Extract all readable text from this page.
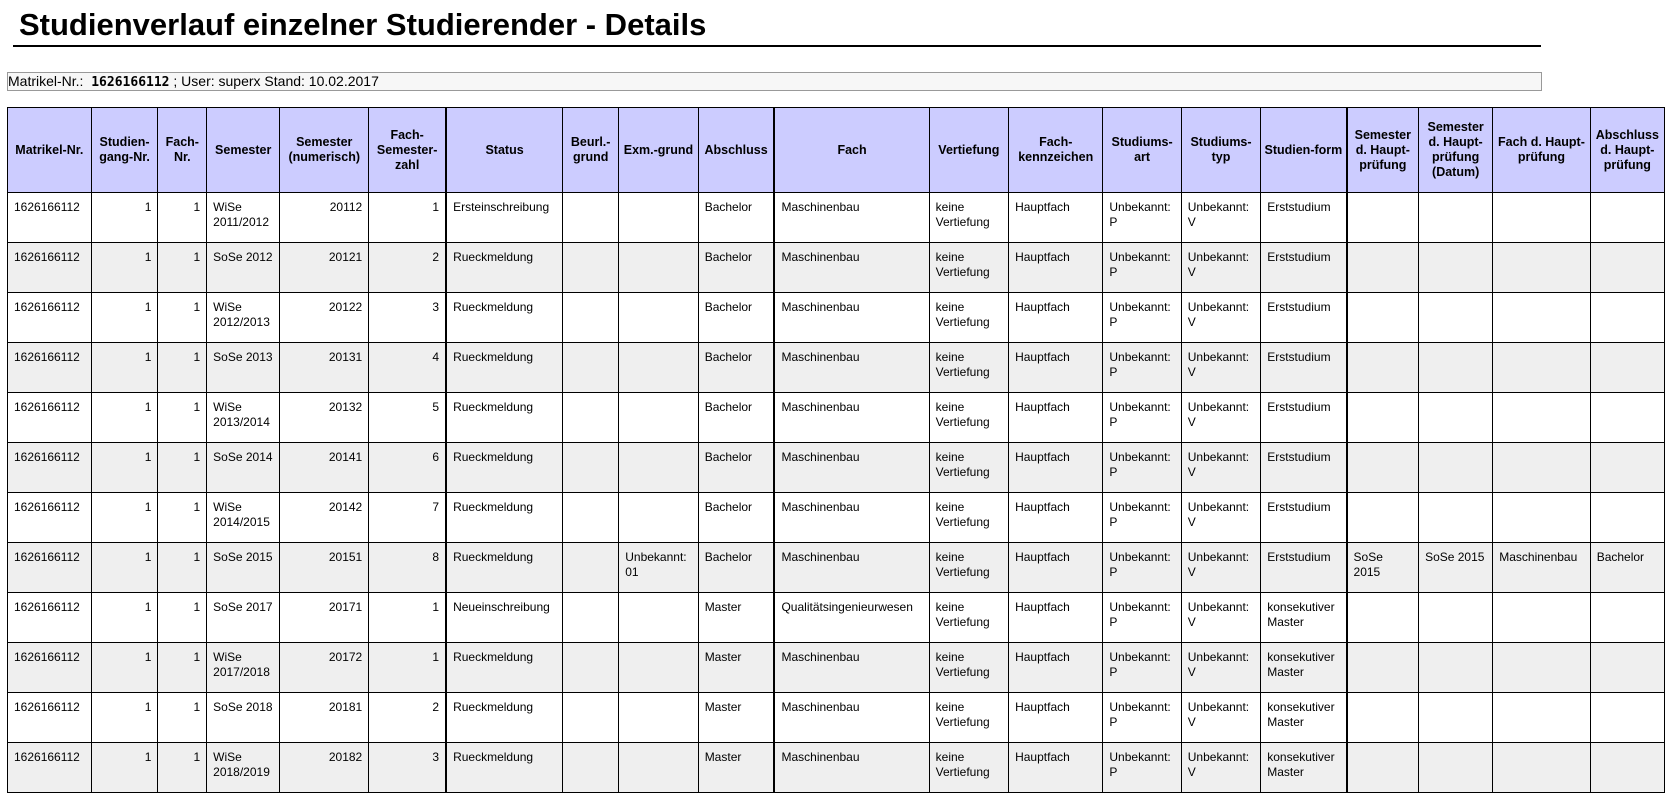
Studienverlauf einzelner Studierender - Details
Matrikel-Nr.: 1626166112 ; User: superx Stand: 10.02.2017
Matrikel-Nr.	Studien-gang-Nr.	Fach-Nr.	Semester	Semester (numerisch)	Fach-Semester-zahl	Status	Beurl.-grund	Exm.-grund	Abschluss	Fach	Vertiefung	Fach-kennzeichen	Studiums-art	Studiums-typ	Studien-form	Semester d. Haupt-prüfung	Semester d. Haupt-prüfung (Datum)	Fach d. Haupt-prüfung	Abschluss d. Haupt-prüfung
1626166112	1	1	WiSe 2011/2012	20112	1	Ersteinschreibung			Bachelor	Maschinenbau	keine Vertiefung	Hauptfach	Unbekannt: P	Unbekannt: V	Erststudium				
1626166112	1	1	SoSe 2012	20121	2	Rueckmeldung			Bachelor	Maschinenbau	keine Vertiefung	Hauptfach	Unbekannt: P	Unbekannt: V	Erststudium				
1626166112	1	1	WiSe 2012/2013	20122	3	Rueckmeldung			Bachelor	Maschinenbau	keine Vertiefung	Hauptfach	Unbekannt: P	Unbekannt: V	Erststudium				
1626166112	1	1	SoSe 2013	20131	4	Rueckmeldung			Bachelor	Maschinenbau	keine Vertiefung	Hauptfach	Unbekannt: P	Unbekannt: V	Erststudium				
1626166112	1	1	WiSe 2013/2014	20132	5	Rueckmeldung			Bachelor	Maschinenbau	keine Vertiefung	Hauptfach	Unbekannt: P	Unbekannt: V	Erststudium				
1626166112	1	1	SoSe 2014	20141	6	Rueckmeldung			Bachelor	Maschinenbau	keine Vertiefung	Hauptfach	Unbekannt: P	Unbekannt: V	Erststudium				
1626166112	1	1	WiSe 2014/2015	20142	7	Rueckmeldung			Bachelor	Maschinenbau	keine Vertiefung	Hauptfach	Unbekannt: P	Unbekannt: V	Erststudium				
1626166112	1	1	SoSe 2015	20151	8	Rueckmeldung		Unbekannt: 01	Bachelor	Maschinenbau	keine Vertiefung	Hauptfach	Unbekannt: P	Unbekannt: V	Erststudium	SoSe 2015	SoSe 2015	Maschinenbau	Bachelor
1626166112	1	1	SoSe 2017	20171	1	Neueinschreibung			Master	Qualitätsingenieurwesen	keine Vertiefung	Hauptfach	Unbekannt: P	Unbekannt: V	konsekutiver Master				
1626166112	1	1	WiSe 2017/2018	20172	1	Rueckmeldung			Master	Maschinenbau	keine Vertiefung	Hauptfach	Unbekannt: P	Unbekannt: V	konsekutiver Master				
1626166112	1	1	SoSe 2018	20181	2	Rueckmeldung			Master	Maschinenbau	keine Vertiefung	Hauptfach	Unbekannt: P	Unbekannt: V	konsekutiver Master				
1626166112	1	1	WiSe 2018/2019	20182	3	Rueckmeldung			Master	Maschinenbau	keine Vertiefung	Hauptfach	Unbekannt: P	Unbekannt: V	konsekutiver Master				
